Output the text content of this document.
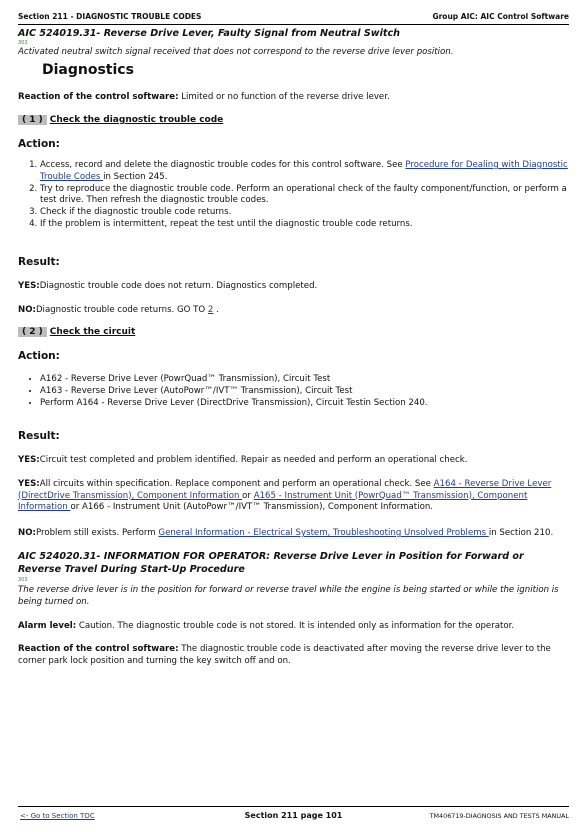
Section 211 - DIAGNOSTIC TROUBLE CODES	Group AIC: AIC Control Software
AIC 524019.31- Reverse Drive Lever, Faulty Signal from Neutral Switch
303
Activated neutral switch signal received that does not correspond to the reverse drive lever position.
Diagnostics
Reaction of the control software: Limited or no function of the reverse drive lever.
( 1 ) Check the diagnostic trouble code
Action:
1. Access, record and delete the diagnostic trouble codes for this control software. See Procedure for Dealing with Diagnostic Trouble Codes in Section 245.
2. Try to reproduce the diagnostic trouble code. Perform an operational check of the faulty component/function, or perform a test drive. Then refresh the diagnostic trouble codes.
3. Check if the diagnostic trouble code returns.
4. If the problem is intermittent, repeat the test until the diagnostic trouble code returns.
Result:
YES:Diagnostic trouble code does not return. Diagnostics completed.
NO:Diagnostic trouble code returns. GO TO 2 .
( 2 ) Check the circuit
Action:
• A162 - Reverse Drive Lever (PowrQuad™ Transmission), Circuit Test
• A163 - Reverse Drive Lever (AutoPowr™/IVT™ Transmission), Circuit Test
• Perform A164 - Reverse Drive Lever (DirectDrive Transmission), Circuit Testin Section 240.
Result:
YES:Circuit test completed and problem identified. Repair as needed and perform an operational check.
YES:All circuits within specification. Replace component and perform an operational check. See A164 - Reverse Drive Lever (DirectDrive Transmission), Component Information or A165 - Instrument Unit (PowrQuad™ Transmission), Component Information or A166 - Instrument Unit (AutoPowr™/IVT™ Transmission), Component Information.
NO:Problem still exists. Perform General Information - Electrical System, Troubleshooting Unsolved Problems in Section 210.
AIC 524020.31- INFORMATION FOR OPERATOR: Reverse Drive Lever in Position for Forward or Reverse Travel During Start-Up Procedure
303
The reverse drive lever is in the position for forward or reverse travel while the engine is being started or while the ignition is being turned on.
Alarm level: Caution. The diagnostic trouble code is not stored. It is intended only as information for the operator.
Reaction of the control software: The diagnostic trouble code is deactivated after moving the reverse drive lever to the corner park lock position and turning the key switch off and on.
<- Go to Section TOC	Section 211 page 101	TM406719-DIAGNOSIS AND TESTS MANUAL
